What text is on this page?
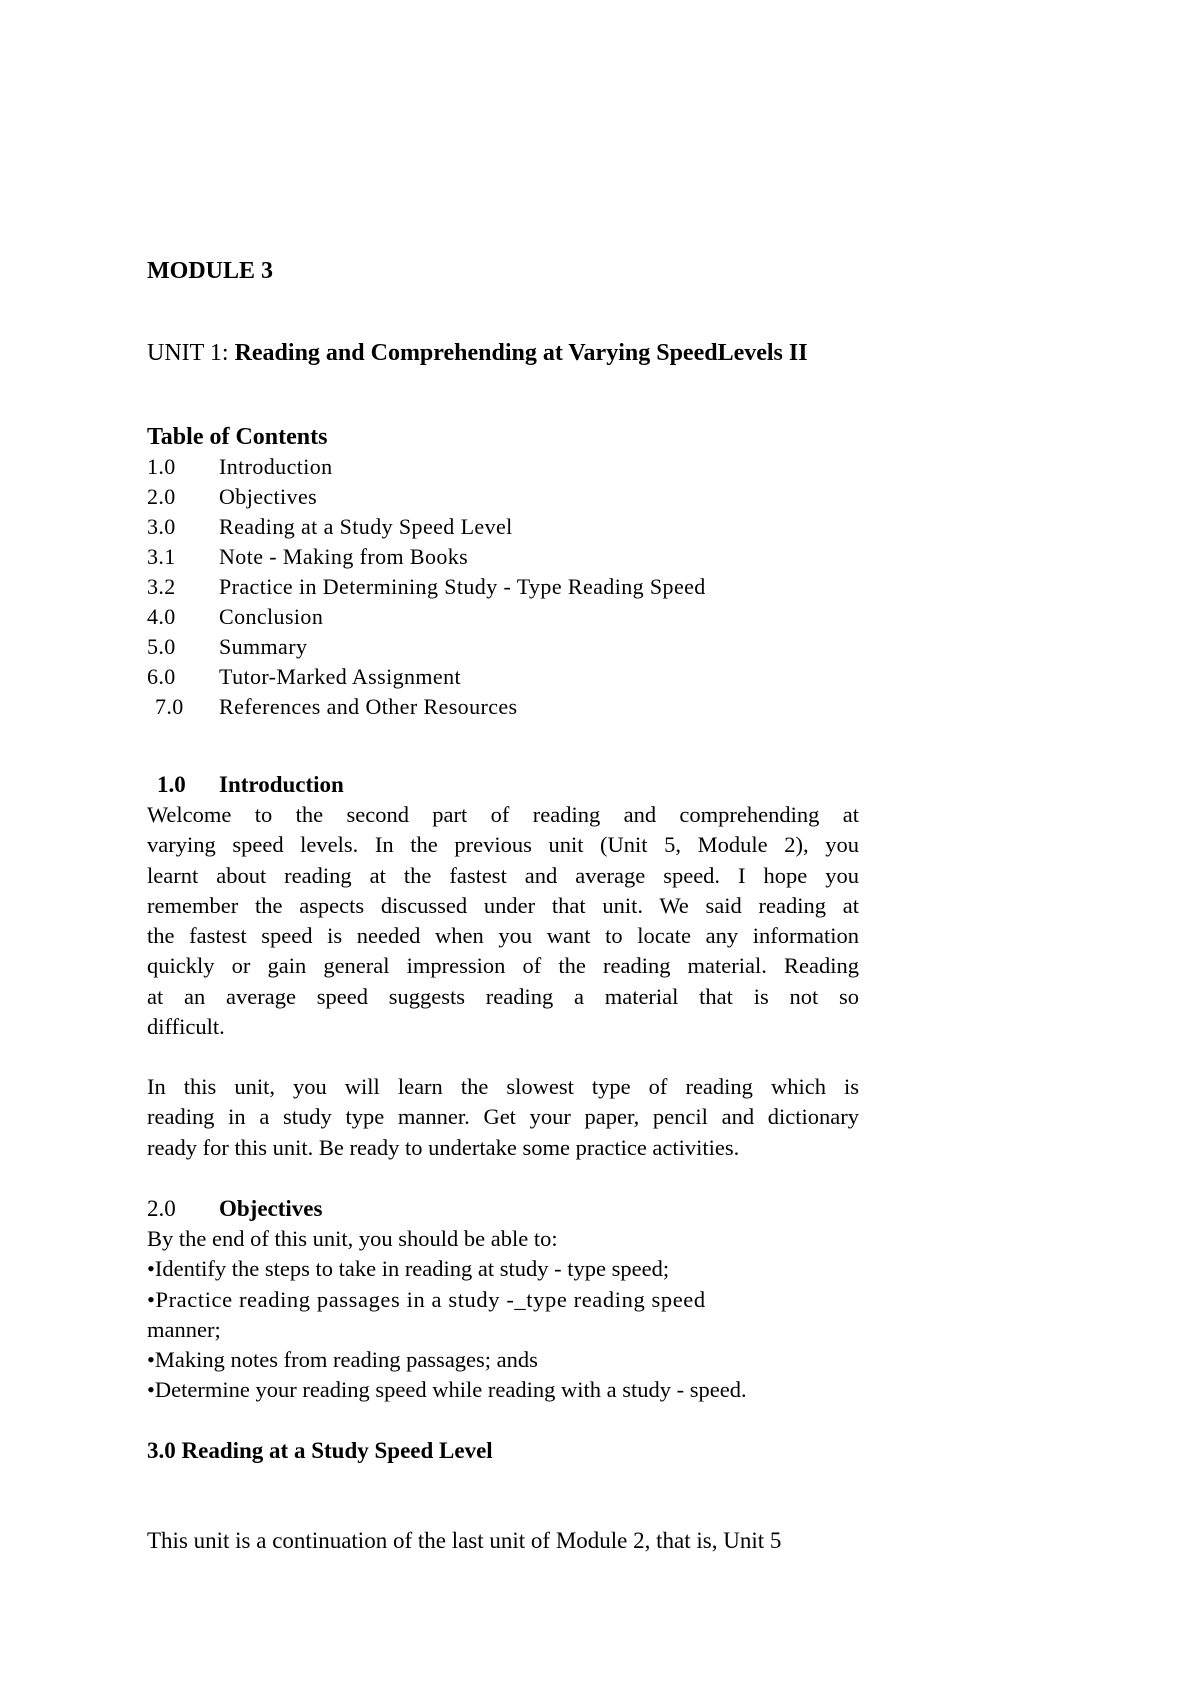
MODULE 3
UNIT 1: Reading and Comprehending at Varying SpeedLevels II
Table of Contents
1.0 Introduction
2.0 Objectives
3.0 Reading at a Study Speed Level
3.1 Note - Making from Books
3.2 Practice in Determining Study - Type Reading Speed
4.0 Conclusion
5.0 Summary
6.0 Tutor-Marked Assignment
7.0 References and Other Resources
1.0 Introduction
Welcome to the second part of reading and comprehending at
varying speed levels. In the previous unit (Unit 5, Module 2), you
learnt about reading at the fastest and average speed. I hope you
remember the aspects discussed under that unit. We said reading at
the fastest speed is needed when you want to locate any information
quickly or gain general impression of the reading material. Reading
at an average speed suggests reading a material that is not so
difficult.
In this unit, you will learn the slowest type of reading which is
reading in a study type manner. Get your paper, pencil and dictionary
ready for this unit. Be ready to undertake some practice activities.
2.0 Objectives
By the end of this unit, you should be able to:
•Identify the steps to take in reading at study - type speed;
•Practice reading passages in a study -_type reading speed
manner;
•Making notes from reading passages; ands
•Determine your reading speed while reading with a study - speed.
3.0 Reading at a Study Speed Level
This unit is a continuation of the last unit of Module 2, that is, Unit 5
